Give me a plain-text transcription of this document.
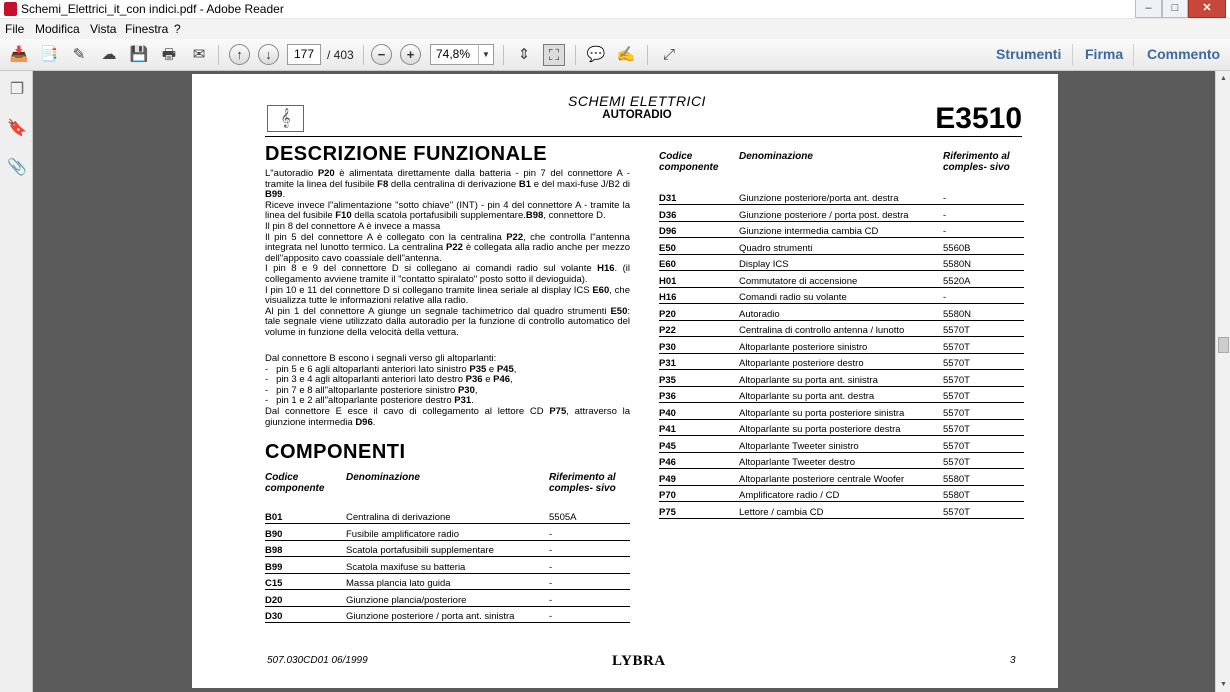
Schemi_Elettrici_it_con indici.pdf - Adobe Reader	–	□	✕
File Modifica Vista Finestra ?
📥 📑 ✎	☁ 💾 🖶	✉	↑	↓	177	/ 403	−	+	74,8%	▼	⇕	⛶	💬 ✍	⤢	Strumenti Firma Commento
❐
🔖
📎
▲
▼
𝄞
SCHEMI ELETTRICI
AUTORADIO	E3510
DESCRIZIONE FUNZIONALE
L"autoradio P20 è alimentata direttamente dalla batteria - pin 7 del connettore A - tramite la linea del fusibile F8 della centralina di derivazione B1 e del maxi-fuse J/B2 di B99.
Riceve invece l"alimentazione "sotto chiave" (INT) - pin 4 del connettore A - tramite la linea del fusibile F10 della scatola portafusibili supplementare.B98, connettore D.
Il pin 8 del connettore A è invece a massa
Il pin 5 del connettore A è collegato con la centralina P22, che controlla l"antenna integrata nel lunotto termico. La centralina P22 è collegata alla radio anche per mezzo dell"apposito cavo coassiale dell"antenna.
I pin 8 e 9 del connettore D si collegano ai comandi radio sul volante H16. (il collegamento avviene tramite il "contatto spiralato" posto sotto il devioguida).
I pin 10 e 11 del connettore D si collegano tramite linea seriale al display ICS E60, che visualizza tutte le informazioni relative alla radio.
Al pin 1 del connettore A giunge un segnale tachimetrico dal quadro strumenti E50: tale segnale viene utilizzato dalla autoradio per la funzione di controllo automatico del volume in funzione della velocità della vettura.
Dal connettore B escono i segnali verso gli altoparlanti:
-   pin 5 e 6 agli altoparlanti anteriori lato sinistro P35 e P45,
-   pin 3 e 4 agli altoparlanti anteriori lato destro P36 e P46,
-   pin 7 e 8 all"altoparlante posteriore sinistro P30,
-   pin 1 e 2 all"altoparlante posteriore destro P31.
Dal connettore E esce il cavo di collegamento al lettore CD P75, attraverso la giunzione intermedia D96.
COMPONENTI
Codice componente
Denominazione	Riferimento al comples- sivo
B01	Centralina di derivazione	5505A
B90	Fusibile amplificatore radio	-
B98	Scatola portafusibili supplementare	-
B99	Scatola maxifuse su batteria	-
C15	Massa plancia lato guida	-
D20	Giunzione plancia/posteriore	-
D30	Giunzione posteriore / porta ant. sinistra	-
Codice componente
Denominazione	Riferimento al comples- sivo
D31	Giunzione posteriore/porta ant. destra	-
D36	Giunzione posteriore / porta post. destra	-
D96	Giunzione intermedia cambia CD	-
E50	Quadro strumenti	5560B
E60	Display ICS	5580N
H01	Commutatore di accensione	5520A
H16	Comandi radio su volante	-
P20	Autoradio	5580N
P22	Centralina di controllo antenna / lunotto	5570T
P30	Altoparlante posteriore sinistro	5570T
P31	Altoparlante posteriore destro	5570T
P35	Altoparlante su porta ant. sinistra	5570T
P36	Altoparlante su porta ant. destra	5570T
P40	Altoparlante su porta posteriore sinistra	5570T
P41	Altoparlante su porta posteriore destra	5570T
P45	Altoparlante Tweeter sinistro	5570T
P46	Altoparlante Tweeter destro	5570T
P49	Altoparlante posteriore centrale Woofer	5580T
P70	Amplificatore radio / CD	5580T
P75	Lettore / cambia CD	5570T
507.030CD01 06/1999	LYBRA	3
